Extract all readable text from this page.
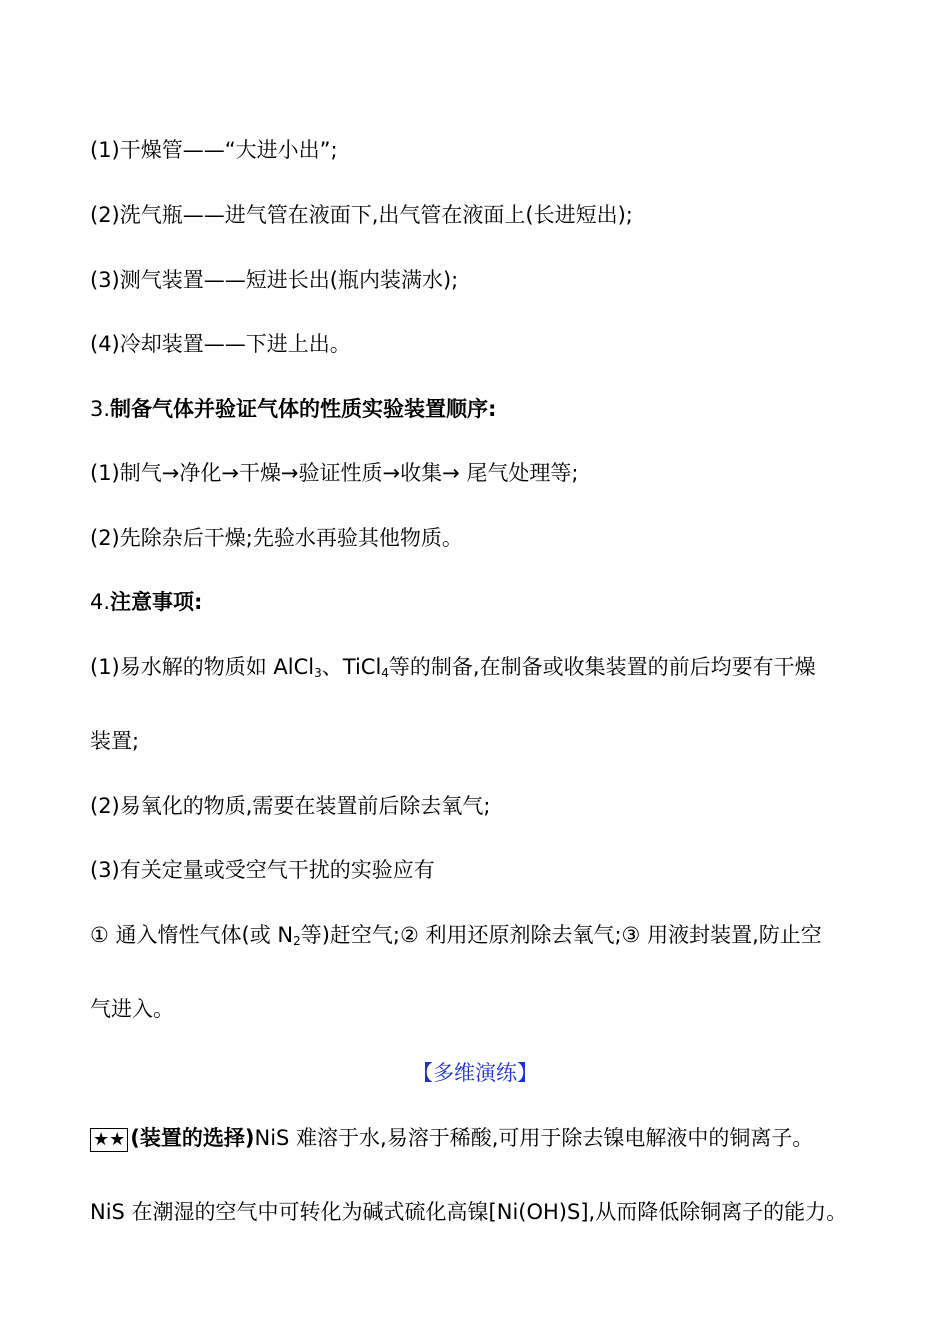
(1)干燥管——“大进小出”;
(2)洗气瓶——进气管在液面下,出气管在液面上(长进短出);
(3)测气装置——短进长出(瓶内装满水);
(4)冷却装置——下进上出。
3.制备气体并验证气体的性质实验装置顺序:
(1)制气→净化→干燥→验证性质→收集→ 尾气处理等;
(2)先除杂后干燥;先验水再验其他物质。
4.注意事项:
(1)易水解的物质如 AlCl$_3$、TiCl$_4$等的制备,在制备或收集装置的前后均要有干燥
装置;
(2)易氧化的物质,需要在装置前后除去氧气;
(3)有关定量或受空气干扰的实验应有
① 通入惰性气体(或 $N_2$等)赶空气;② 利用还原剂除去氧气;③ 用液封装置,防止空
气进入。
【多维演练】
★★ (装置的选择)NiS 难溶于水,易溶于稀酸,可用于除去镍电解液中的铜离子。
NiS 在潮湿的空气中可转化为碱式硫化高镍[Ni(OH)S],从而降低除铜离子的能力。
